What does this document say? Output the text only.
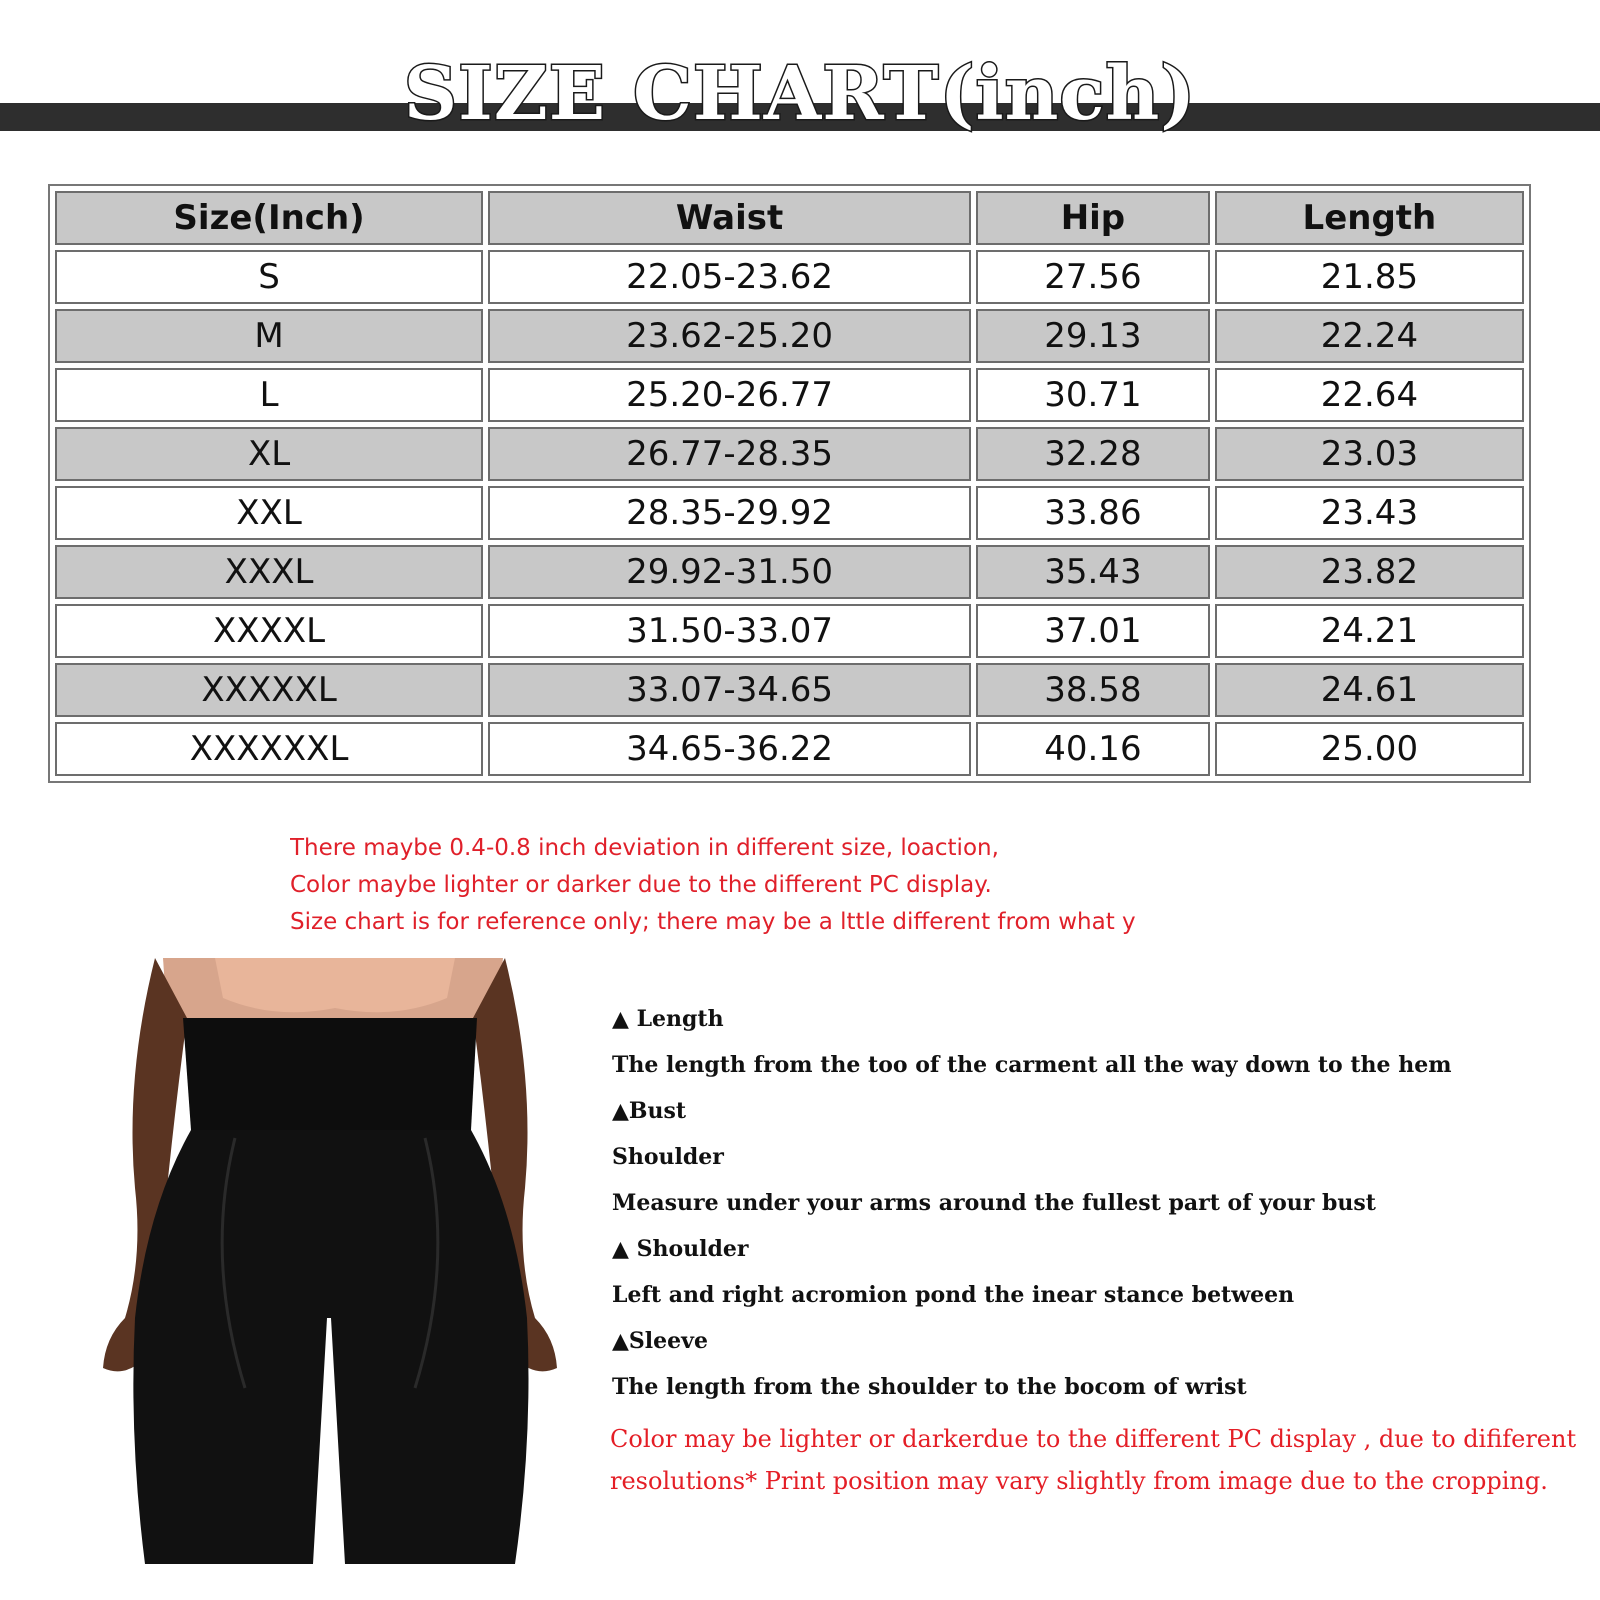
SIZE CHART(inch)
Size(Inch)	Waist	Hip	Length
S	22.05-23.62	27.56	21.85
M	23.62-25.20	29.13	22.24
L	25.20-26.77	30.71	22.64
XL	26.77-28.35	32.28	23.03
XXL	28.35-29.92	33.86	23.43
XXXL	29.92-31.50	35.43	23.82
XXXXL	31.50-33.07	37.01	24.21
XXXXXL	33.07-34.65	38.58	24.61
XXXXXXL	34.65-36.22	40.16	25.00
There maybe 0.4-0.8 inch deviation in different size, loaction,
Color maybe lighter or darker due to the different PC display.
Size chart is for reference only; there may be a lttle different from what y
▲ Length
The length from the too of the carment all the way down to the hem
▲Bust
Shoulder
Measure under your arms around the fullest part of your bust
▲ Shoulder
Left and right acromion pond the inear stance between
▲Sleeve
The length from the shoulder to the bocom of wrist
Color may be lighter or darkerdue to the different PC display , due to dififerent
resolutions* Print position may vary slightly from image due to the cropping.
